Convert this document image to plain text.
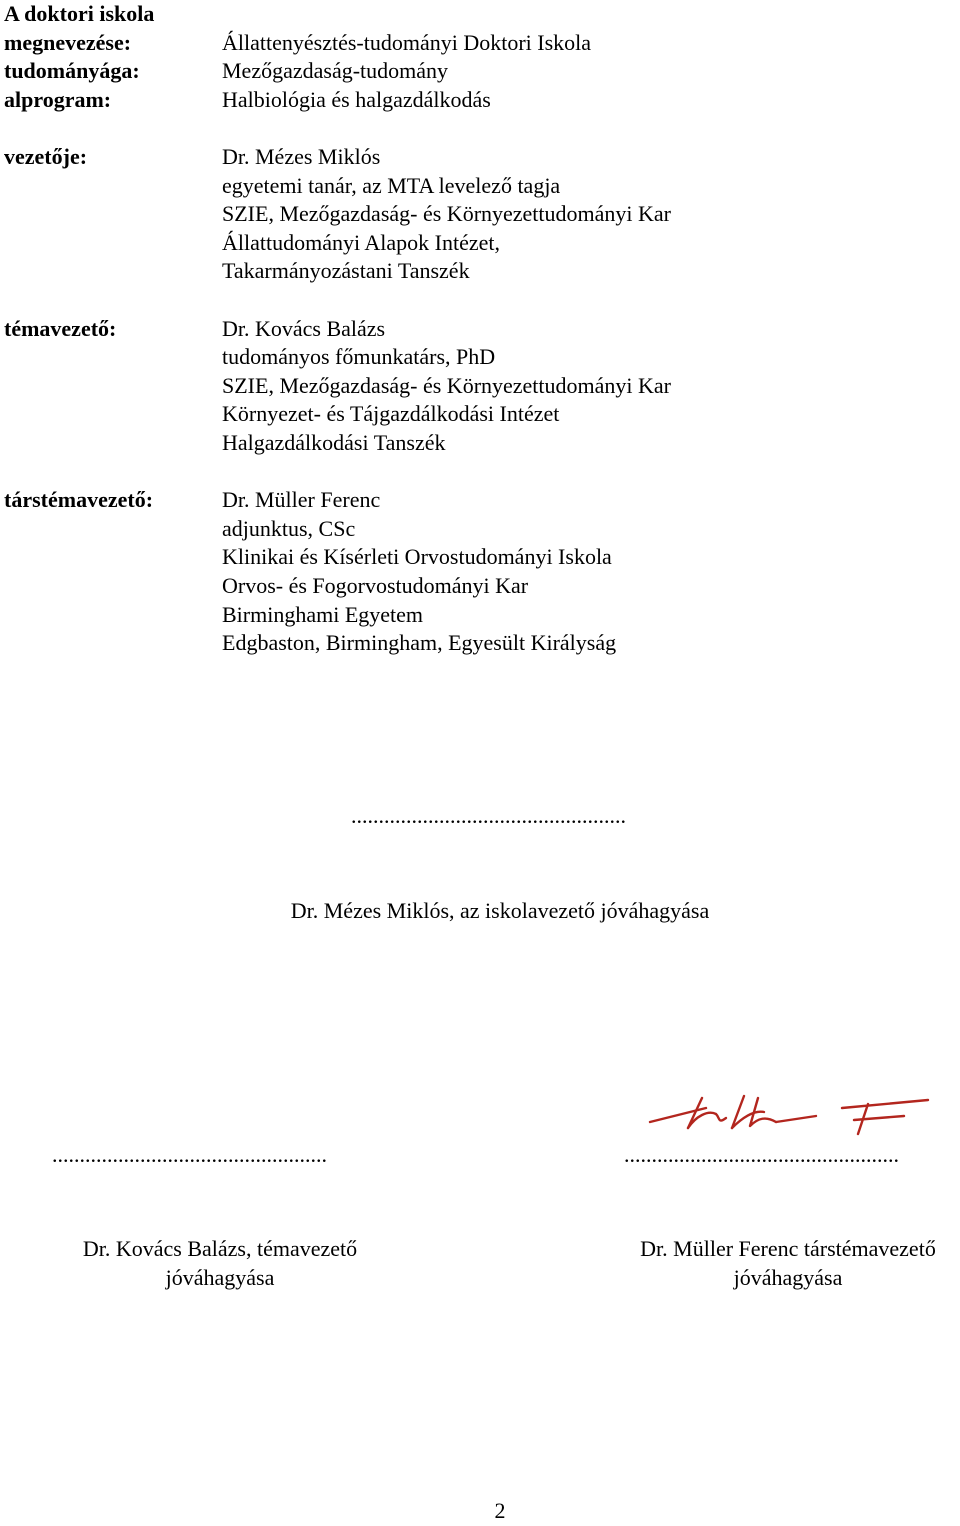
A doktori iskola
megnevezése:
tudományága:
alprogram:
vezetője:
témavezető:
társtémavezető:
Állattenyésztés-tudományi Doktori Iskola
Mezőgazdaság-tudomány
Halbiológia és halgazdálkodás
Dr. Mézes Miklós
egyetemi tanár, az MTA levelező tagja
SZIE, Mezőgazdaság- és Környezettudományi Kar
Állattudományi Alapok Intézet,
Takarmányozástani Tanszék
Dr. Kovács Balázs
tudományos főmunkatárs, PhD
SZIE, Mezőgazdaság- és Környezettudományi Kar
Környezet- és Tájgazdálkodási Intézet
Halgazdálkodási Tanszék
Dr. Müller Ferenc
adjunktus, CSc
Klinikai és Kísérleti Orvostudományi Iskola
Orvos- és Fogorvostudományi Kar
Birminghami Egyetem
Edgbaston, Birmingham, Egyesült Királyság
..................................................
Dr. Mézes Miklós, az iskolavezető jóváhagyása
..................................................	..................................................
Dr. Kovács Balázs, témavezető
jóváhagyása
Dr. Müller Ferenc társtémavezető
jóváhagyása
2
